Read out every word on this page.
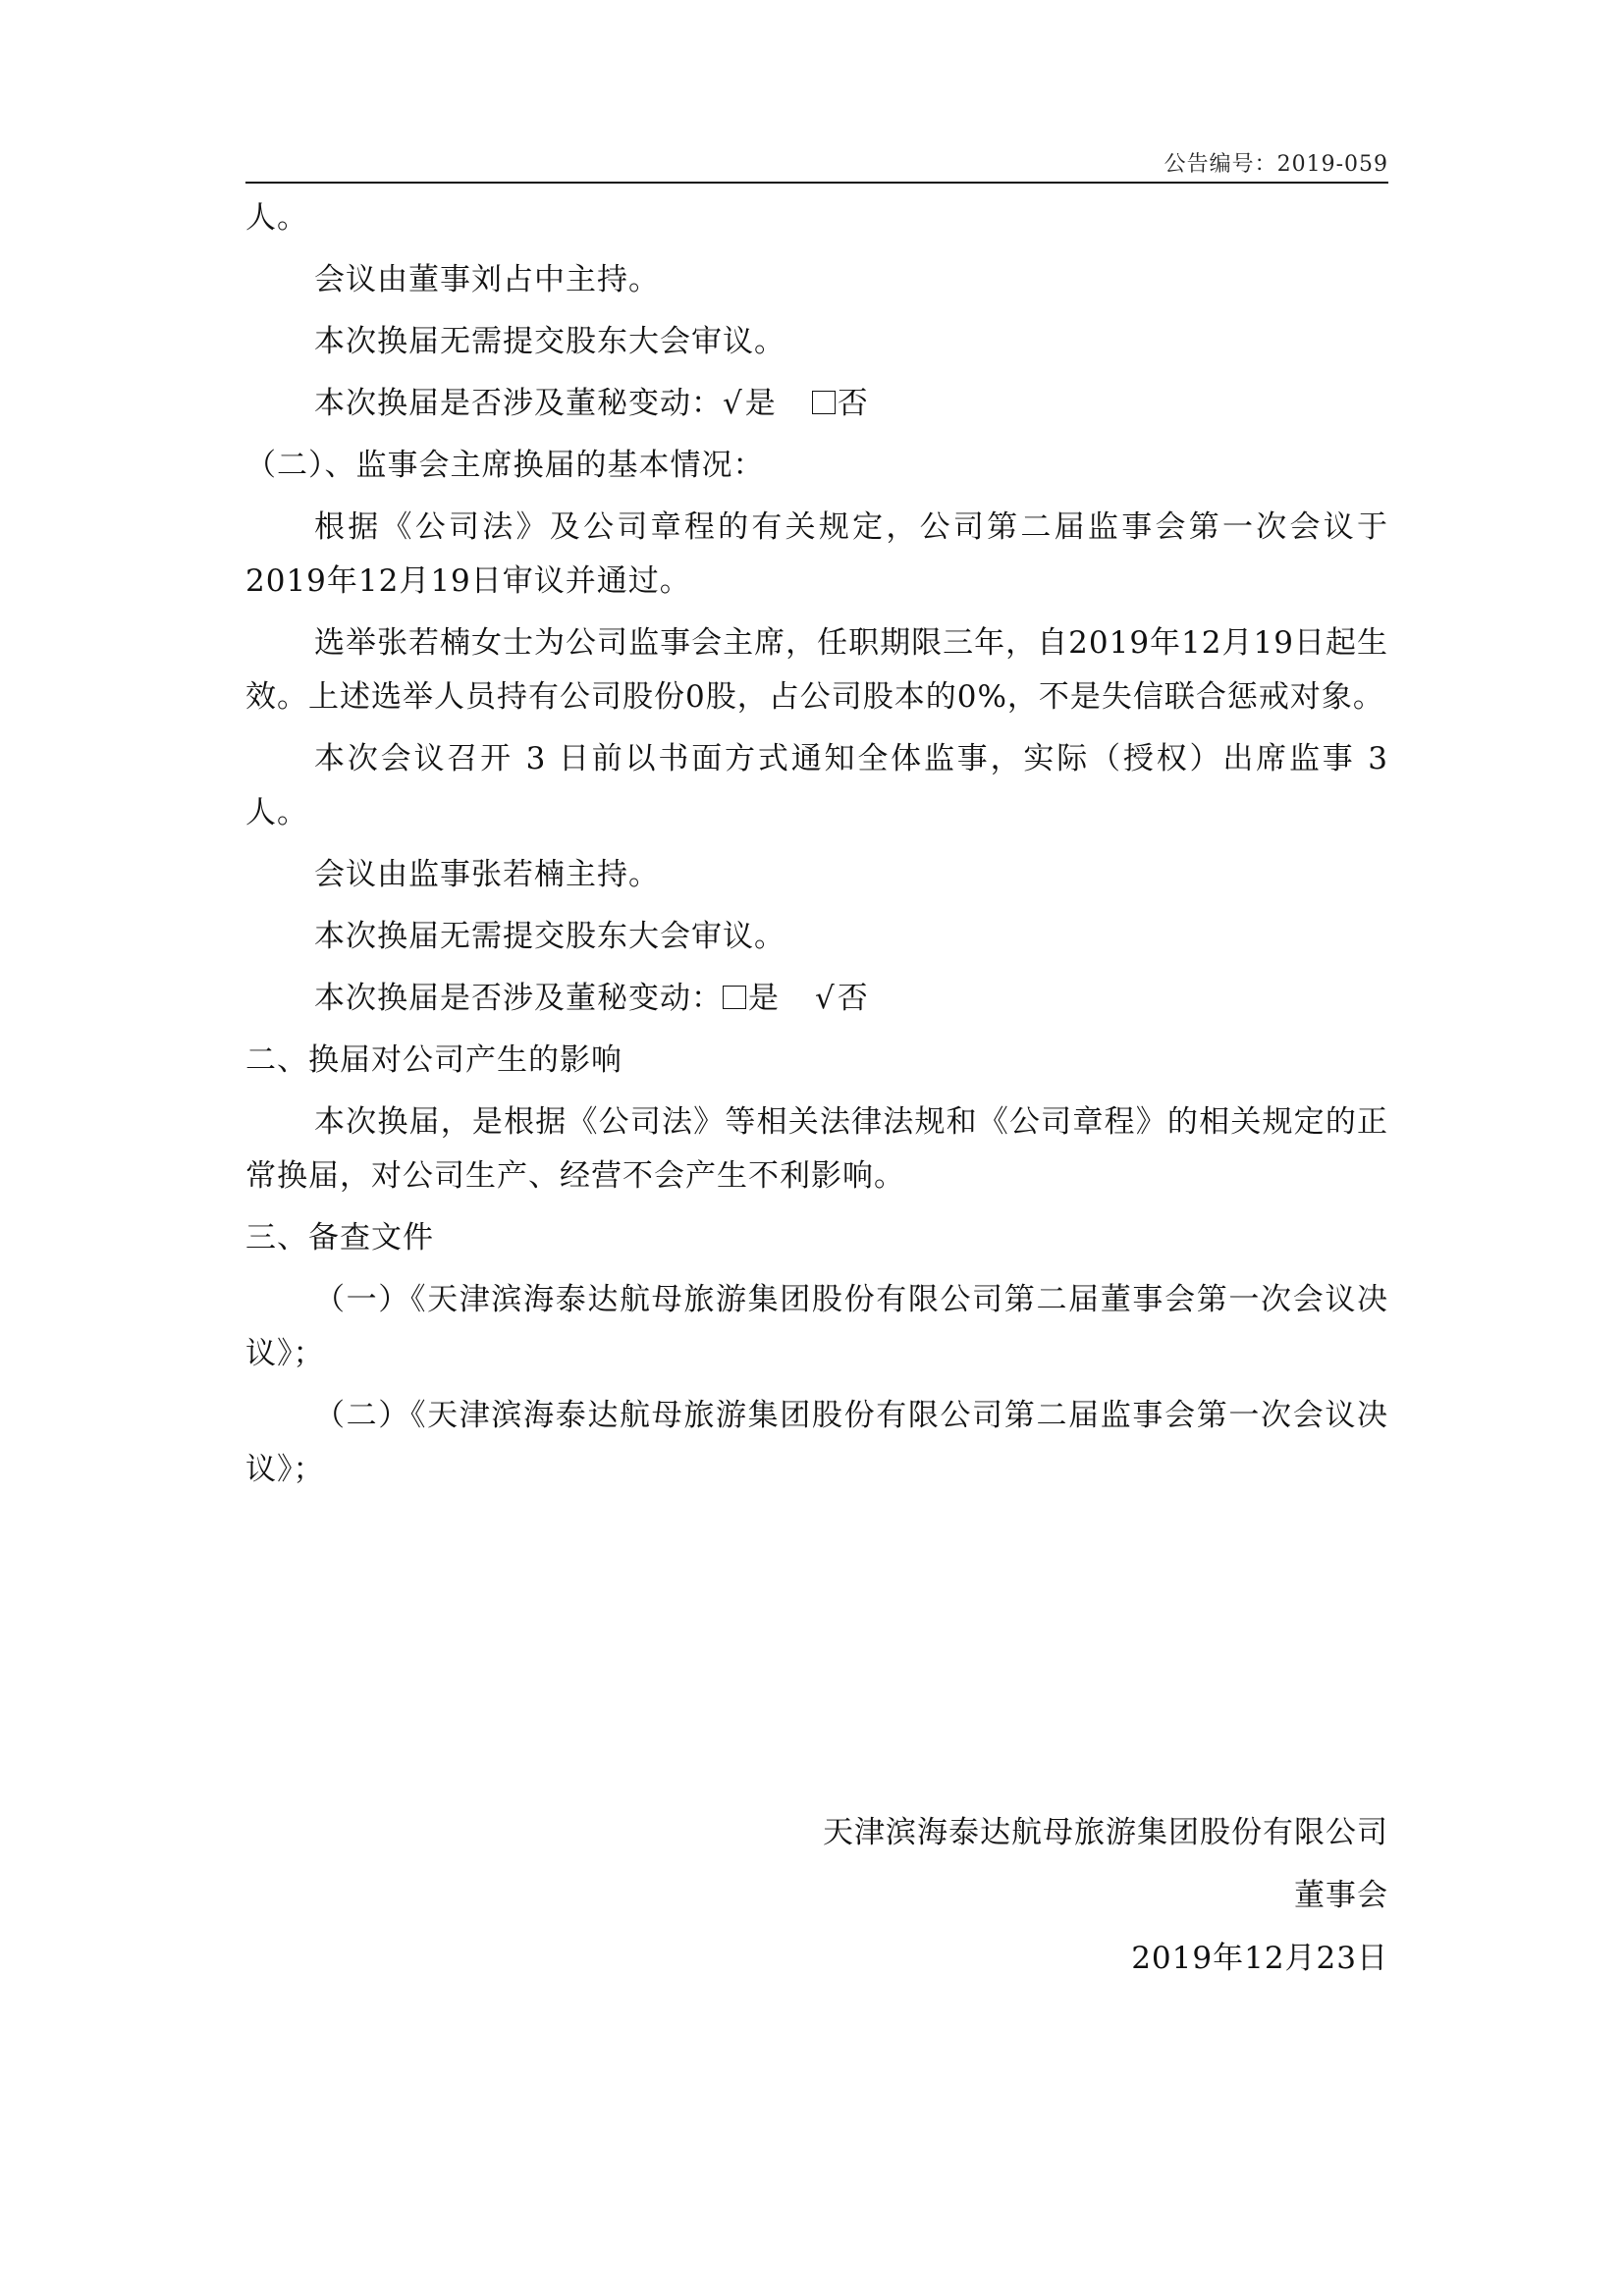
公告编号：2019-059

人。

会议由董事刘占中主持。

本次换届无需提交股东大会审议。

本次换届是否涉及董秘变动：√是 否

（二）、监事会主席换届的基本情况：

根据《公司法》及公司章程的有关规定，公司第二届监事会第一次会议于2019年12月19日审议并通过。

选举张若楠女士为公司监事会主席，任职期限三年，自2019年12月19日起生效。上述选举人员持有公司股份0股，占公司股本的0%，不是失信联合惩戒对象。

本次会议召开 3 日前以书面方式通知全体监事，实际（授权）出席监事 3人。

会议由监事张若楠主持。

本次换届无需提交股东大会审议。

本次换届是否涉及董秘变动： 是 √否

二、换届对公司产生的影响

本次换届，是根据《公司法》等相关法律法规和《公司章程》的相关规定的正常换届，对公司生产、经营不会产生不利影响。

三、备查文件

（一）《天津滨海泰达航母旅游集团股份有限公司第二届董事会第一次会议决议》；

（二）《天津滨海泰达航母旅游集团股份有限公司第二届监事会第一次会议决议》；

天津滨海泰达航母旅游集团股份有限公司
董事会
2019年12月23日
